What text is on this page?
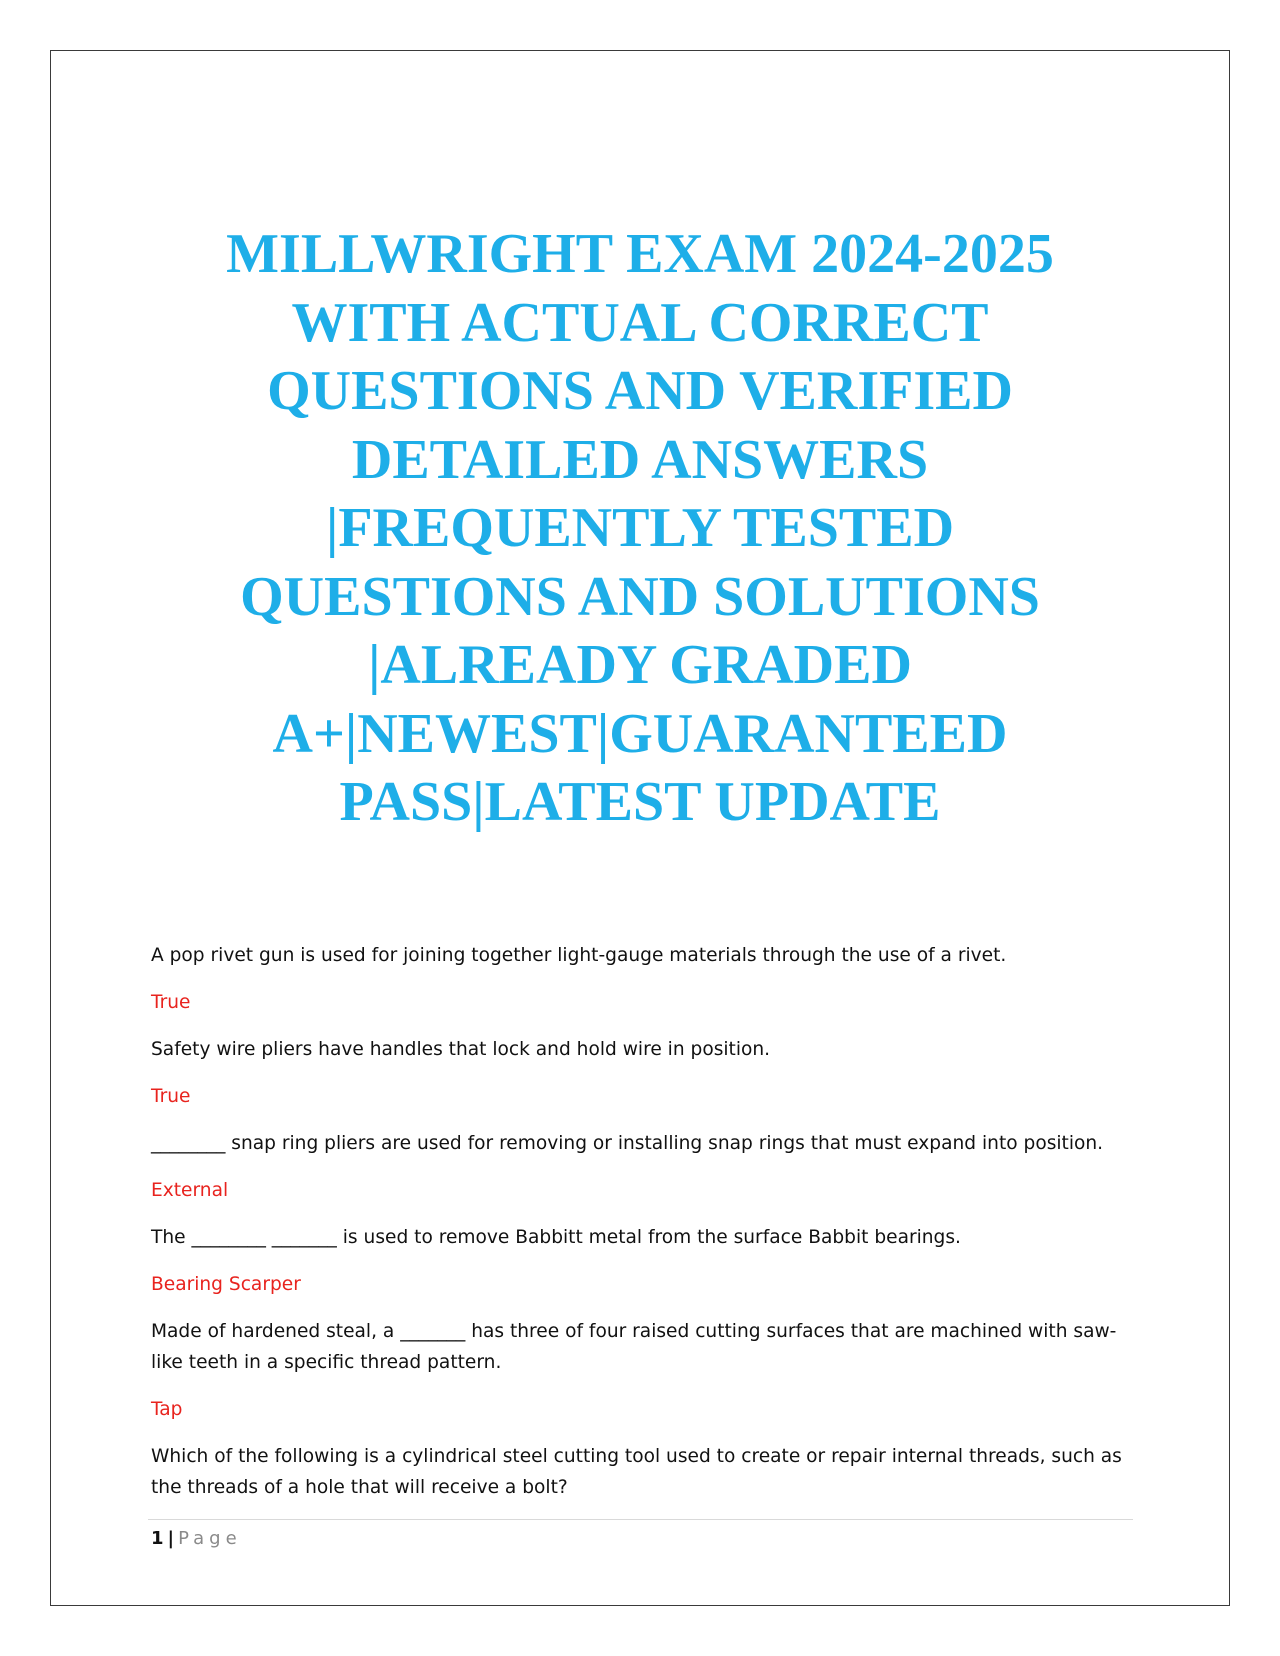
MILLWRIGHT EXAM 2024-2025
WITH ACTUAL CORRECT
QUESTIONS AND VERIFIED
DETAILED ANSWERS
|FREQUENTLY TESTED
QUESTIONS AND SOLUTIONS
|ALREADY GRADED
A+|NEWEST|GUARANTEED
PASS|LATEST UPDATE

A pop rivet gun is used for joining together light-gauge materials through the use of a rivet.

True

Safety wire pliers have handles that lock and hold wire in position.

True

________ snap ring pliers are used for removing or installing snap rings that must expand into position.

External

The ________ _______ is used to remove Babbitt metal from the surface Babbit bearings.

Bearing Scarper

Made of hardened steal, a _______ has three of four raised cutting surfaces that are machined with saw-like teeth in a specific thread pattern.

Tap

Which of the following is a cylindrical steel cutting tool used to create or repair internal threads, such as the threads of a hole that will receive a bolt?

1 | Page
